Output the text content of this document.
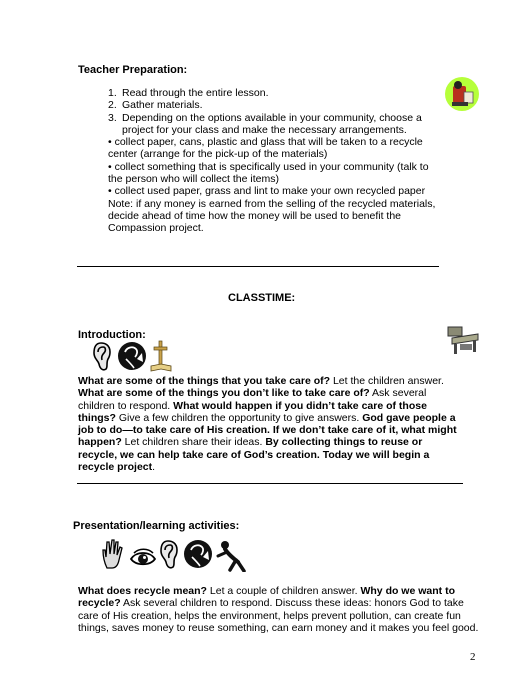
Teacher Preparation:
1. Read through the entire lesson.
2. Gather materials.
3. Depending on the options available in your community, choose a
project for your class and make the necessary arrangements.
• collect paper, cans, plastic and glass that will be taken to a recycle
center (arrange for the pick-up of the materials)
• collect something that is specifically used in your community (talk to
the person who will collect the items)
• collect used paper, grass and lint to make your own recycled paper
Note: if any money is earned from the selling of the recycled materials,
decide ahead of time how the money will be used to benefit the
Compassion project.
CLASSTIME:
Introduction:
What are some of the things that you take care of? Let the children answer.
What are some of the things you don’t like to take care of? Ask several
children to respond. What would happen if you didn’t take care of those
things? Give a few children the opportunity to give answers. God gave people a
job to do—to take care of His creation. If we don’t take care of it, what might
happen? Let children share their ideas. By collecting things to reuse or
recycle, we can help take care of God’s creation. Today we will begin a
recycle project.
Presentation/learning activities:
What does recycle mean? Let a couple of children answer. Why do we want to
recycle? Ask several children to respond. Discuss these ideas: honors God to take
care of His creation, helps the environment, helps prevent pollution, can create fun
things, saves money to reuse something, can earn money and it makes you feel good.
2
